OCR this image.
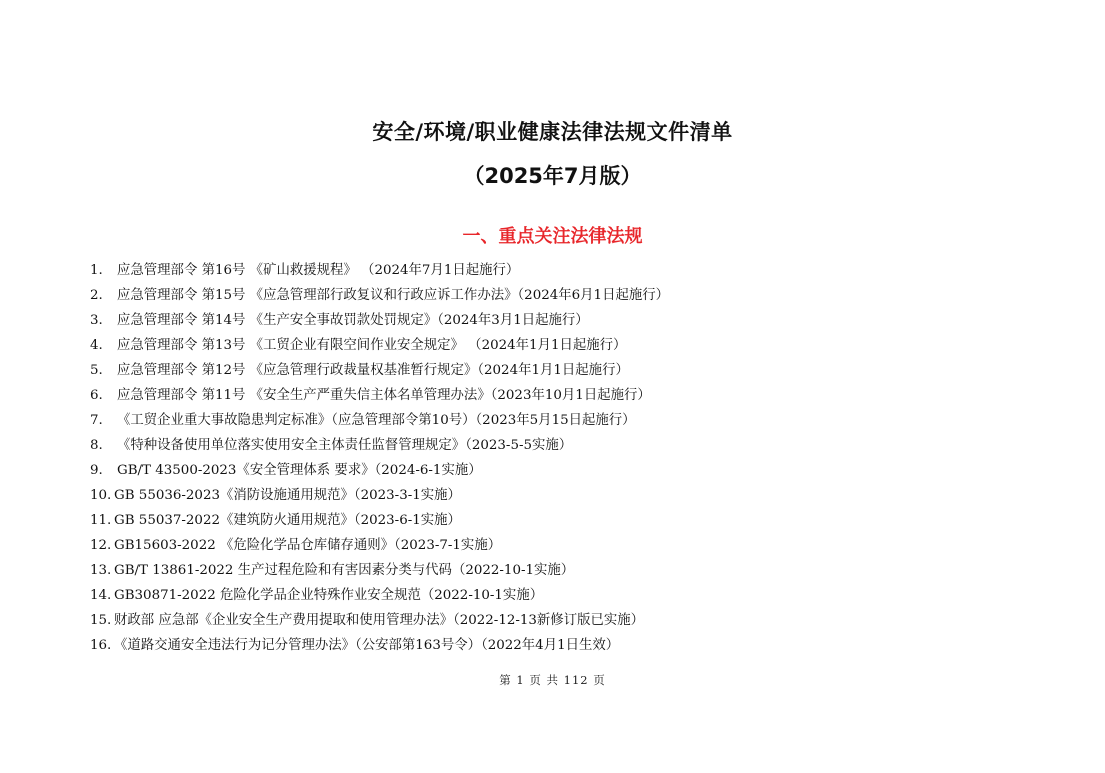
安全/环境/职业健康法律法规文件清单
（2025年7月版）
一、重点关注法律法规
1.	应急管理部令 第16号 《矿山救援规程》 （2024年7月1日起施行）
2.	应急管理部令 第15号 《应急管理部行政复议和行政应诉工作办法》（2024年6月1日起施行）
3.	应急管理部令 第14号 《生产安全事故罚款处罚规定》（2024年3月1日起施行）
4.	应急管理部令 第13号 《工贸企业有限空间作业安全规定》 （2024年1月1日起施行）
5.	应急管理部令 第12号 《应急管理行政裁量权基准暂行规定》（2024年1月1日起施行）
6.	应急管理部令 第11号 《安全生产严重失信主体名单管理办法》（2023年10月1日起施行）
7.	《工贸企业重大事故隐患判定标准》（应急管理部令第10号）（2023年5月15日起施行）
8.	《特种设备使用单位落实使用安全主体责任监督管理规定》（2023-5-5实施）
9.	GB/T 43500-2023《安全管理体系 要求》（2024-6-1实施）
10. GB 55036-2023《消防设施通用规范》（2023-3-1实施）
11. GB 55037-2022《建筑防火通用规范》（2023-6-1实施）
12. GB15603-2022 《危险化学品仓库储存通则》（2023-7-1实施）
13. GB/T 13861-2022 生产过程危险和有害因素分类与代码（2022-10-1实施）
14. GB30871-2022 危险化学品企业特殊作业安全规范（2022-10-1实施）
15. 财政部 应急部《企业安全生产费用提取和使用管理办法》（2022-12-13新修订版已实施）
16. 《道路交通安全违法行为记分管理办法》（公安部第163号令）（2022年4月1日生效）
第 1 页 共 112 页
